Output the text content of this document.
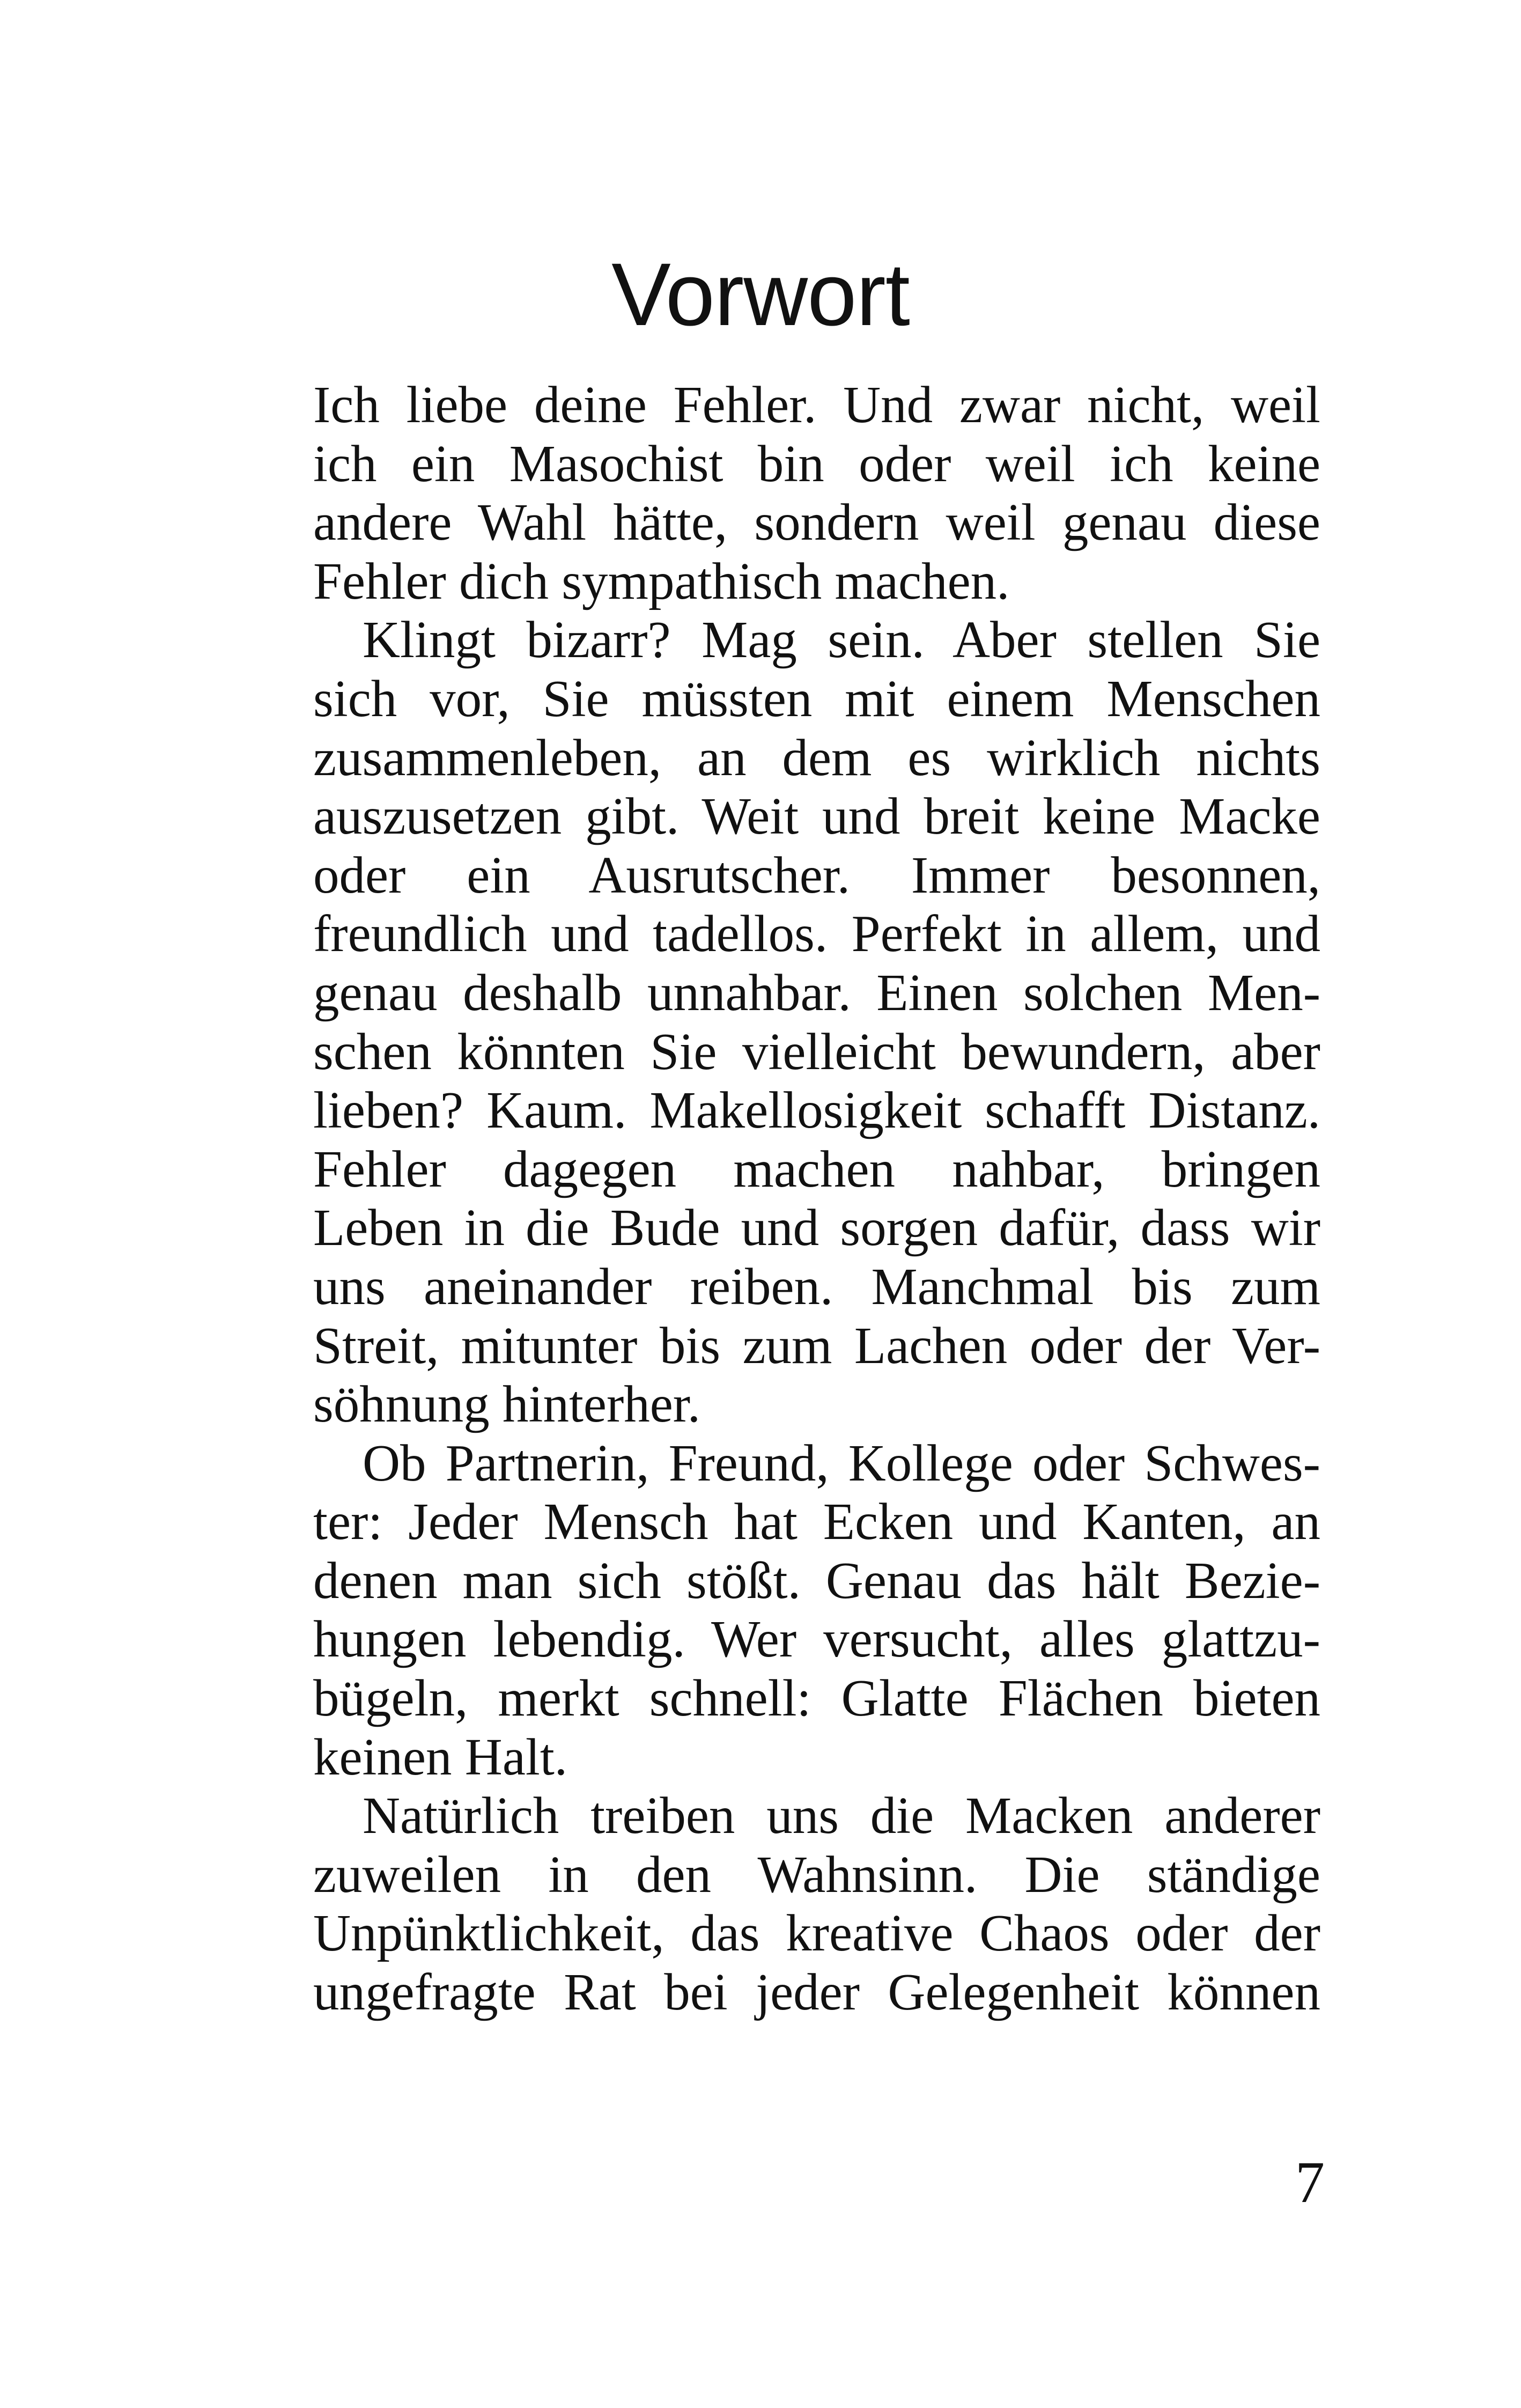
Vorwort
Ich liebe deine Fehler. Und zwar nicht, weil
ich ein Masochist bin oder weil ich keine
andere Wahl hätte, sondern weil genau diese
Fehler dich sympathisch machen.
Klingt bizarr? Mag sein. Aber stellen Sie
sich vor, Sie müssten mit einem Menschen
zusammenleben, an dem es wirklich nichts
auszusetzen gibt. Weit und breit keine Macke
oder ein Ausrutscher. Immer besonnen,
freundlich und tadellos. Perfekt in allem, und
genau deshalb unnahbar. Einen solchen Men-
schen könnten Sie vielleicht bewundern, aber
lieben? Kaum. Makellosigkeit schafft Distanz.
Fehler dagegen machen nahbar, bringen
Leben in die Bude und sorgen dafür, dass wir
uns aneinander reiben. Manchmal bis zum
Streit, mitunter bis zum Lachen oder der Ver-
söhnung hinterher.
Ob Partnerin, Freund, Kollege oder Schwes-
ter: Jeder Mensch hat Ecken und Kanten, an
denen man sich stößt. Genau das hält Bezie-
hungen lebendig. Wer versucht, alles glattzu-
bügeln, merkt schnell: Glatte Flächen bieten
keinen Halt.
Natürlich treiben uns die Macken anderer
zuweilen in den Wahnsinn. Die ständige
Unpünktlichkeit, das kreative Chaos oder der
ungefragte Rat bei jeder Gelegenheit können
7
